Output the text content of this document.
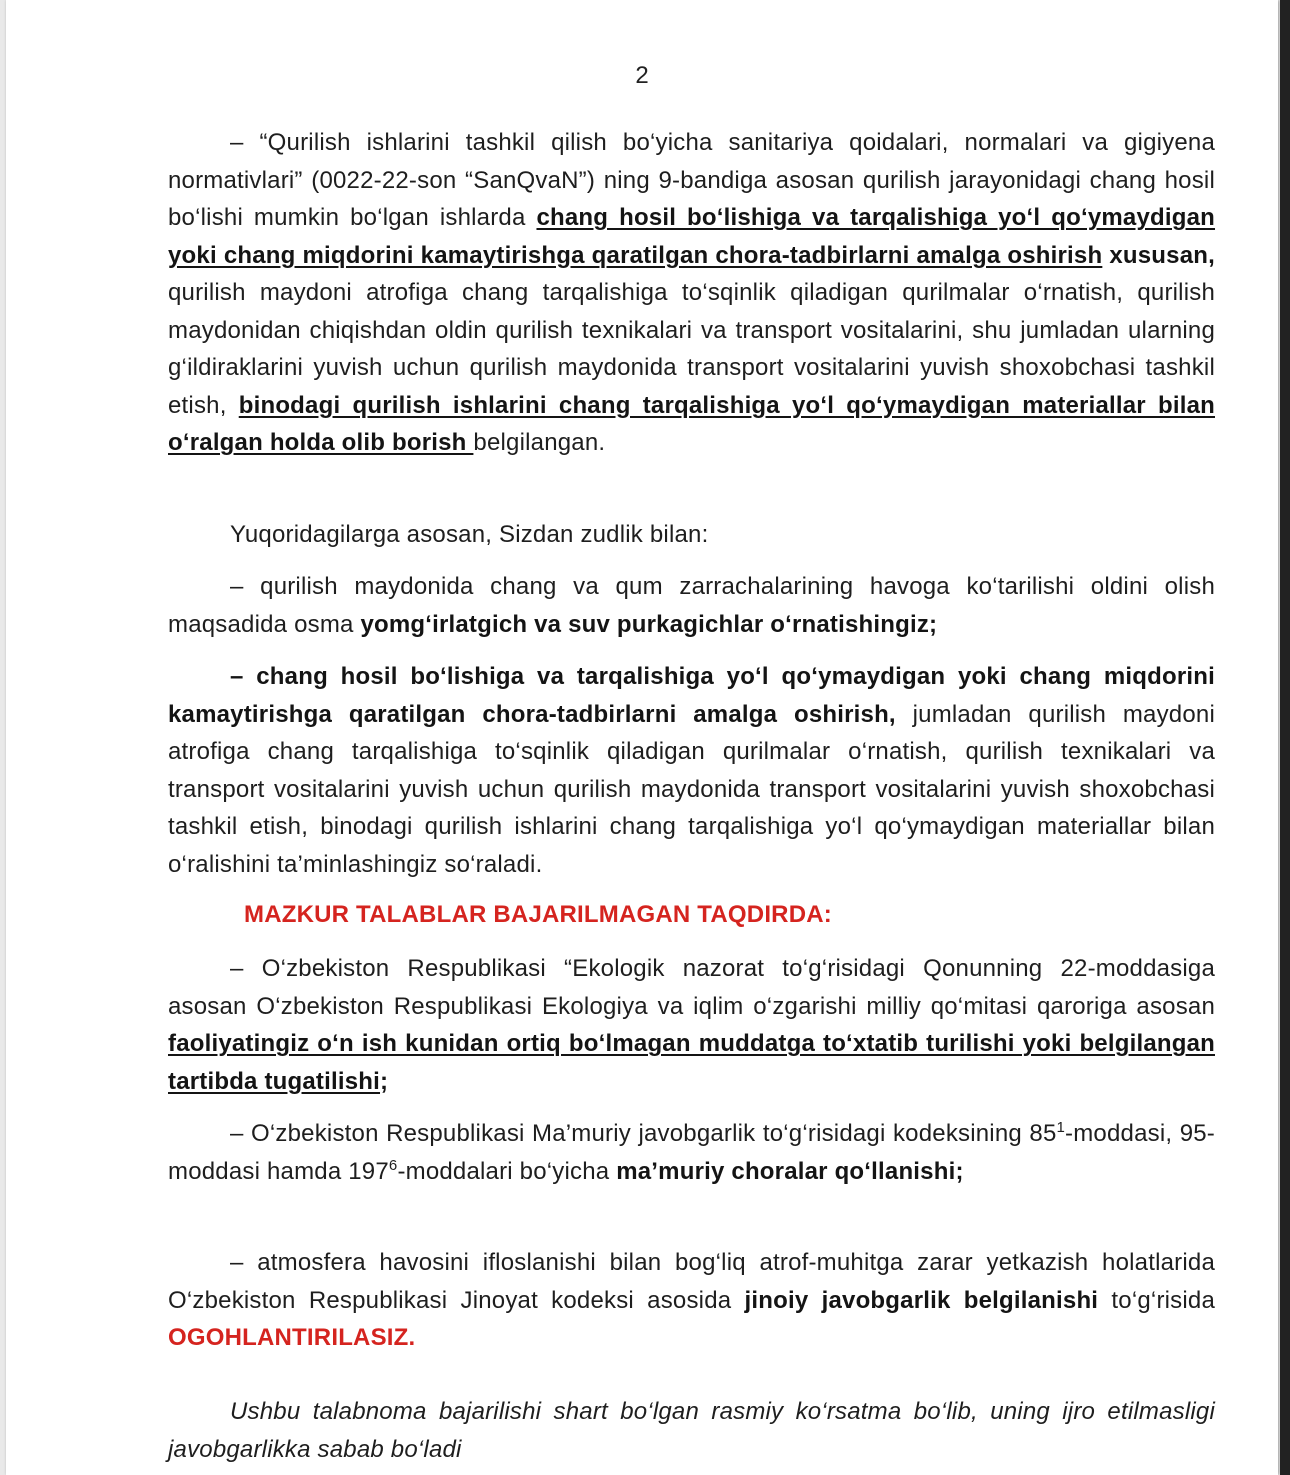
2

– “Qurilish ishlarini tashkil qilish bo‘yicha sanitariya qoidalari, normalari va gigiyena normativlari” (0022-22-son “SanQvaN”) ning 9-bandiga asosan qurilish jarayonidagi chang hosil bo‘lishi mumkin bo‘lgan ishlarda chang hosil bo‘lishiga va tarqalishiga yo‘l qo‘ymaydigan yoki chang miqdorini kamaytirishga qaratilgan chora-tadbirlarni amalga oshirish xususan, qurilish maydoni atrofiga chang tarqalishiga to‘sqinlik qiladigan qurilmalar o‘rnatish, qurilish maydonidan chiqishdan oldin qurilish texnikalari va transport vositalarini, shu jumladan ularning g‘ildiraklarini yuvish uchun qurilish maydonida transport vositalarini yuvish shoxobchasi tashkil etish, binodagi qurilish ishlarini chang tarqalishiga yo‘l qo‘ymaydigan materiallar bilan o‘ralgan holda olib borish belgilangan.

Yuqoridagilarga asosan, Sizdan zudlik bilan:

– qurilish maydonida chang va qum zarrachalarining havoga ko‘tarilishi oldini olish maqsadida osma yomg‘irlatgich va suv purkagichlar o‘rnatishingiz;

– chang hosil bo‘lishiga va tarqalishiga yo‘l qo‘ymaydigan yoki chang miqdorini kamaytirishga qaratilgan chora-tadbirlarni amalga oshirish, jumladan qurilish maydoni atrofiga chang tarqalishiga to‘sqinlik qiladigan qurilmalar o‘rnatish, qurilish texnikalari va transport vositalarini yuvish uchun qurilish maydonida transport vositalarini yuvish shoxobchasi tashkil etish, binodagi qurilish ishlarini chang tarqalishiga yo‘l qo‘ymaydigan materiallar bilan o‘ralishini ta’minlashingiz so‘raladi.

MAZKUR TALABLAR BAJARILMAGAN TAQDIRDA:

– O‘zbekiston Respublikasi “Ekologik nazorat to‘g‘risidagi Qonunning 22-moddasiga asosan O‘zbekiston Respublikasi Ekologiya va iqlim o‘zgarishi milliy qo‘mitasi qaroriga asosan faoliyatingiz o‘n ish kunidan ortiq bo‘lmagan muddatga to‘xtatib turilishi yoki belgilangan tartibda tugatilishi;

– O‘zbekiston Respublikasi Ma’muriy javobgarlik to‘g‘risidagi kodeksining $85^1$-moddasi, 95-moddasi hamda $197^6$-moddalari bo‘yicha ma’muriy choralar qo‘llanishi;

– atmosfera havosini ifloslanishi bilan bog‘liq atrof-muhitga zarar yetkazish holatlarida O‘zbekiston Respublikasi Jinoyat kodeksi asosida jinoiy javobgarlik belgilanishi to‘g‘risida OGOHLANTIRILASIZ.

Ushbu talabnoma bajarilishi shart bo‘lgan rasmiy ko‘rsatma bo‘lib, uning ijro etilmasligi javobgarlikka sabab bo‘ladi
